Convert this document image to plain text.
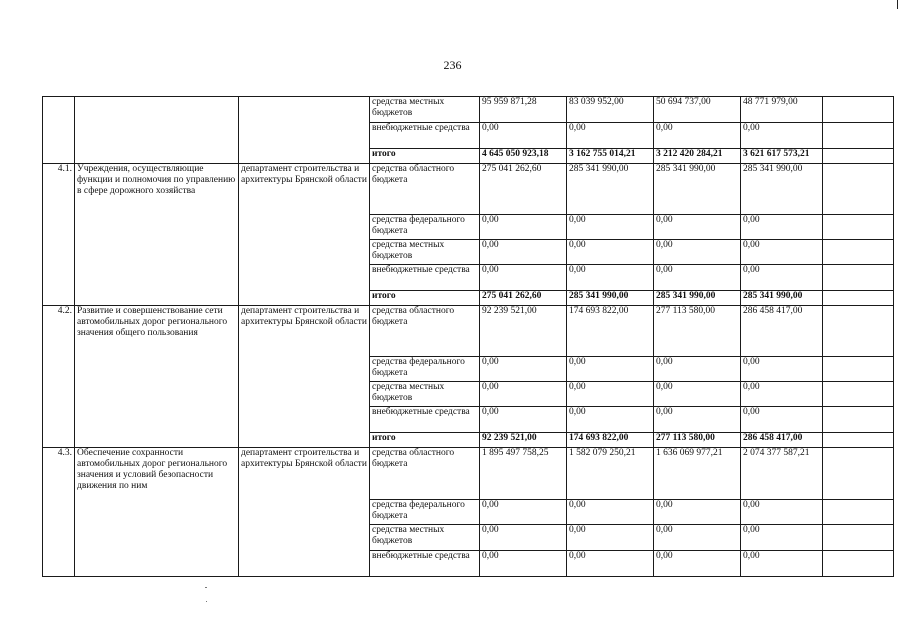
236
			средства местных бюджетов	95 959 871,28	83 039 952,00	50 694 737,00	48 771 979,00	
			внебюджетные средства	0,00	0,00	0,00	0,00	
			итого	4 645 050 923,18	3 162 755 014,21	3 212 420 284,21	3 621 617 573,21	
4.1.	Учреждения, осуществляющие функции и полномочия по управлению в сфере дорожного хозяйства	департамент строительства и архитектуры Брянской области	средства областного бюджета	275 041 262,60	285 341 990,00	285 341 990,00	285 341 990,00	
			средства федерального бюджета	0,00	0,00	0,00	0,00	
			средства местных бюджетов	0,00	0,00	0,00	0,00	
			внебюджетные средства	0,00	0,00	0,00	0,00	
			итого	275 041 262,60	285 341 990,00	285 341 990,00	285 341 990,00	
4.2.	Развитие и совершенствование сети автомобильных дорог регионального значения общего пользования	департамент строительства и архитектуры Брянской области	средства областного бюджета	92 239 521,00	174 693 822,00	277 113 580,00	286 458 417,00	
			средства федерального бюджета	0,00	0,00	0,00	0,00	
			средства местных бюджетов	0,00	0,00	0,00	0,00	
			внебюджетные средства	0,00	0,00	0,00	0,00	
			итого	92 239 521,00	174 693 822,00	277 113 580,00	286 458 417,00	
4.3.	Обеспечение сохранности автомобильных дорог регионального значения и условий безопасности движения по ним	департамент строительства и архитектуры Брянской области	средства областного бюджета	1 895 497 758,25	1 582 079 250,21	1 636 069 977,21	2 074 377 587,21	
			средства федерального бюджета	0,00	0,00	0,00	0,00	
			средства местных бюджетов	0,00	0,00	0,00	0,00	
			внебюджетные средства	0,00	0,00	0,00	0,00	
